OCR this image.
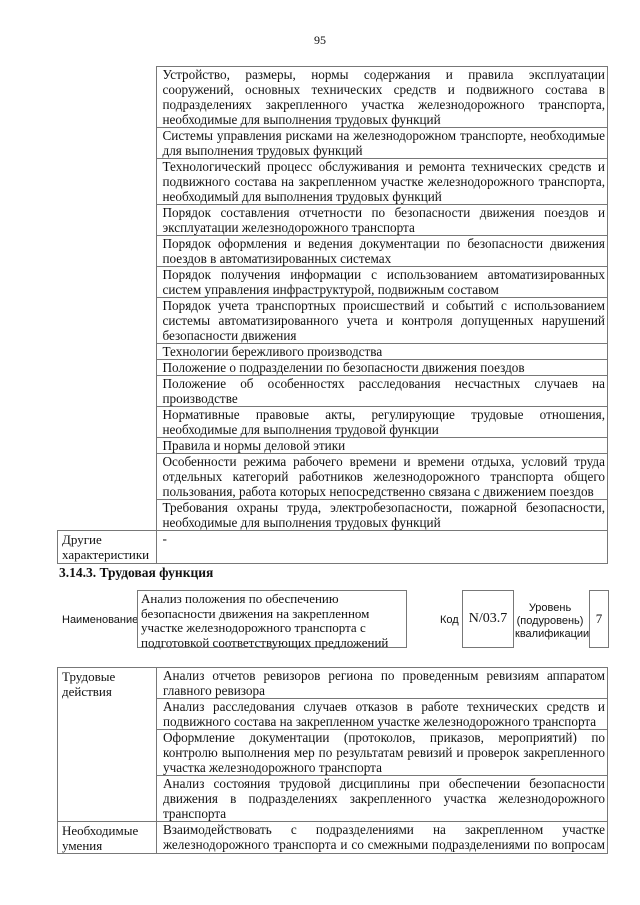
95
	Устройство, размеры, нормы содержания и правила эксплуатации сооружений, основных технических средств и подвижного состава в подразделениях закрепленного участка железнодорожного транспорта, необходимые для выполнения трудовых функций
	Системы управления рисками на железнодорожном транспорте, необходимые для выполнения трудовых функций
	Технологический процесс обслуживания и ремонта технических средств и подвижного состава на закрепленном участке железнодорожного транспорта, необходимый для выполнения трудовых функций
	Порядок составления отчетности по безопасности движения поездов и эксплуатации железнодорожного транспорта
	Порядок оформления и ведения документации по безопасности движения поездов в автоматизированных системах
	Порядок получения информации с использованием автоматизированных систем управления инфраструктурой, подвижным составом
	Порядок учета транспортных происшествий и событий с использованием системы автоматизированного учета и контроля допущенных нарушений безопасности движения
	Технологии бережливого производства
	Положение о подразделении по безопасности движения поездов
	Положение об особенностях расследования несчастных случаев на производстве
	Нормативные правовые акты, регулирующие трудовые отношения, необходимые для выполнения трудовой функции
	Правила и нормы деловой этики
	Особенности режима рабочего времени и времени отдыха, условий труда отдельных категорий работников железнодорожного транспорта общего пользования, работа которых непосредственно связана с движением поездов
	Требования охраны труда, электробезопасности, пожарной безопасности, необходимые для выполнения трудовых функций
Другие характеристики	-
3.14.3. Трудовая функция
Наименование
Анализ положения по обеспечению безопасности движения на закрепленном участке железнодорожного транспорта с подготовкой соответствующих предложений
Код N/03.7
Уровень (подуровень) квалификации
7
Трудовые действия	Анализ отчетов ревизоров региона по проведенным ревизиям аппаратом главного ревизора
	Анализ расследования случаев отказов в работе технических средств и подвижного состава на закрепленном участке железнодорожного транспорта
	Оформление документации (протоколов, приказов, мероприятий) по контролю выполнения мер по результатам ревизий и проверок закрепленного участка железнодорожного транспорта
	Анализ состояния трудовой дисциплины при обеспечении безопасности движения в подразделениях закрепленного участка железнодорожного транспорта
Необходимые умения	Взаимодействовать с подразделениями на закрепленном участке железнодорожного транспорта и со смежными подразделениями по вопросам
